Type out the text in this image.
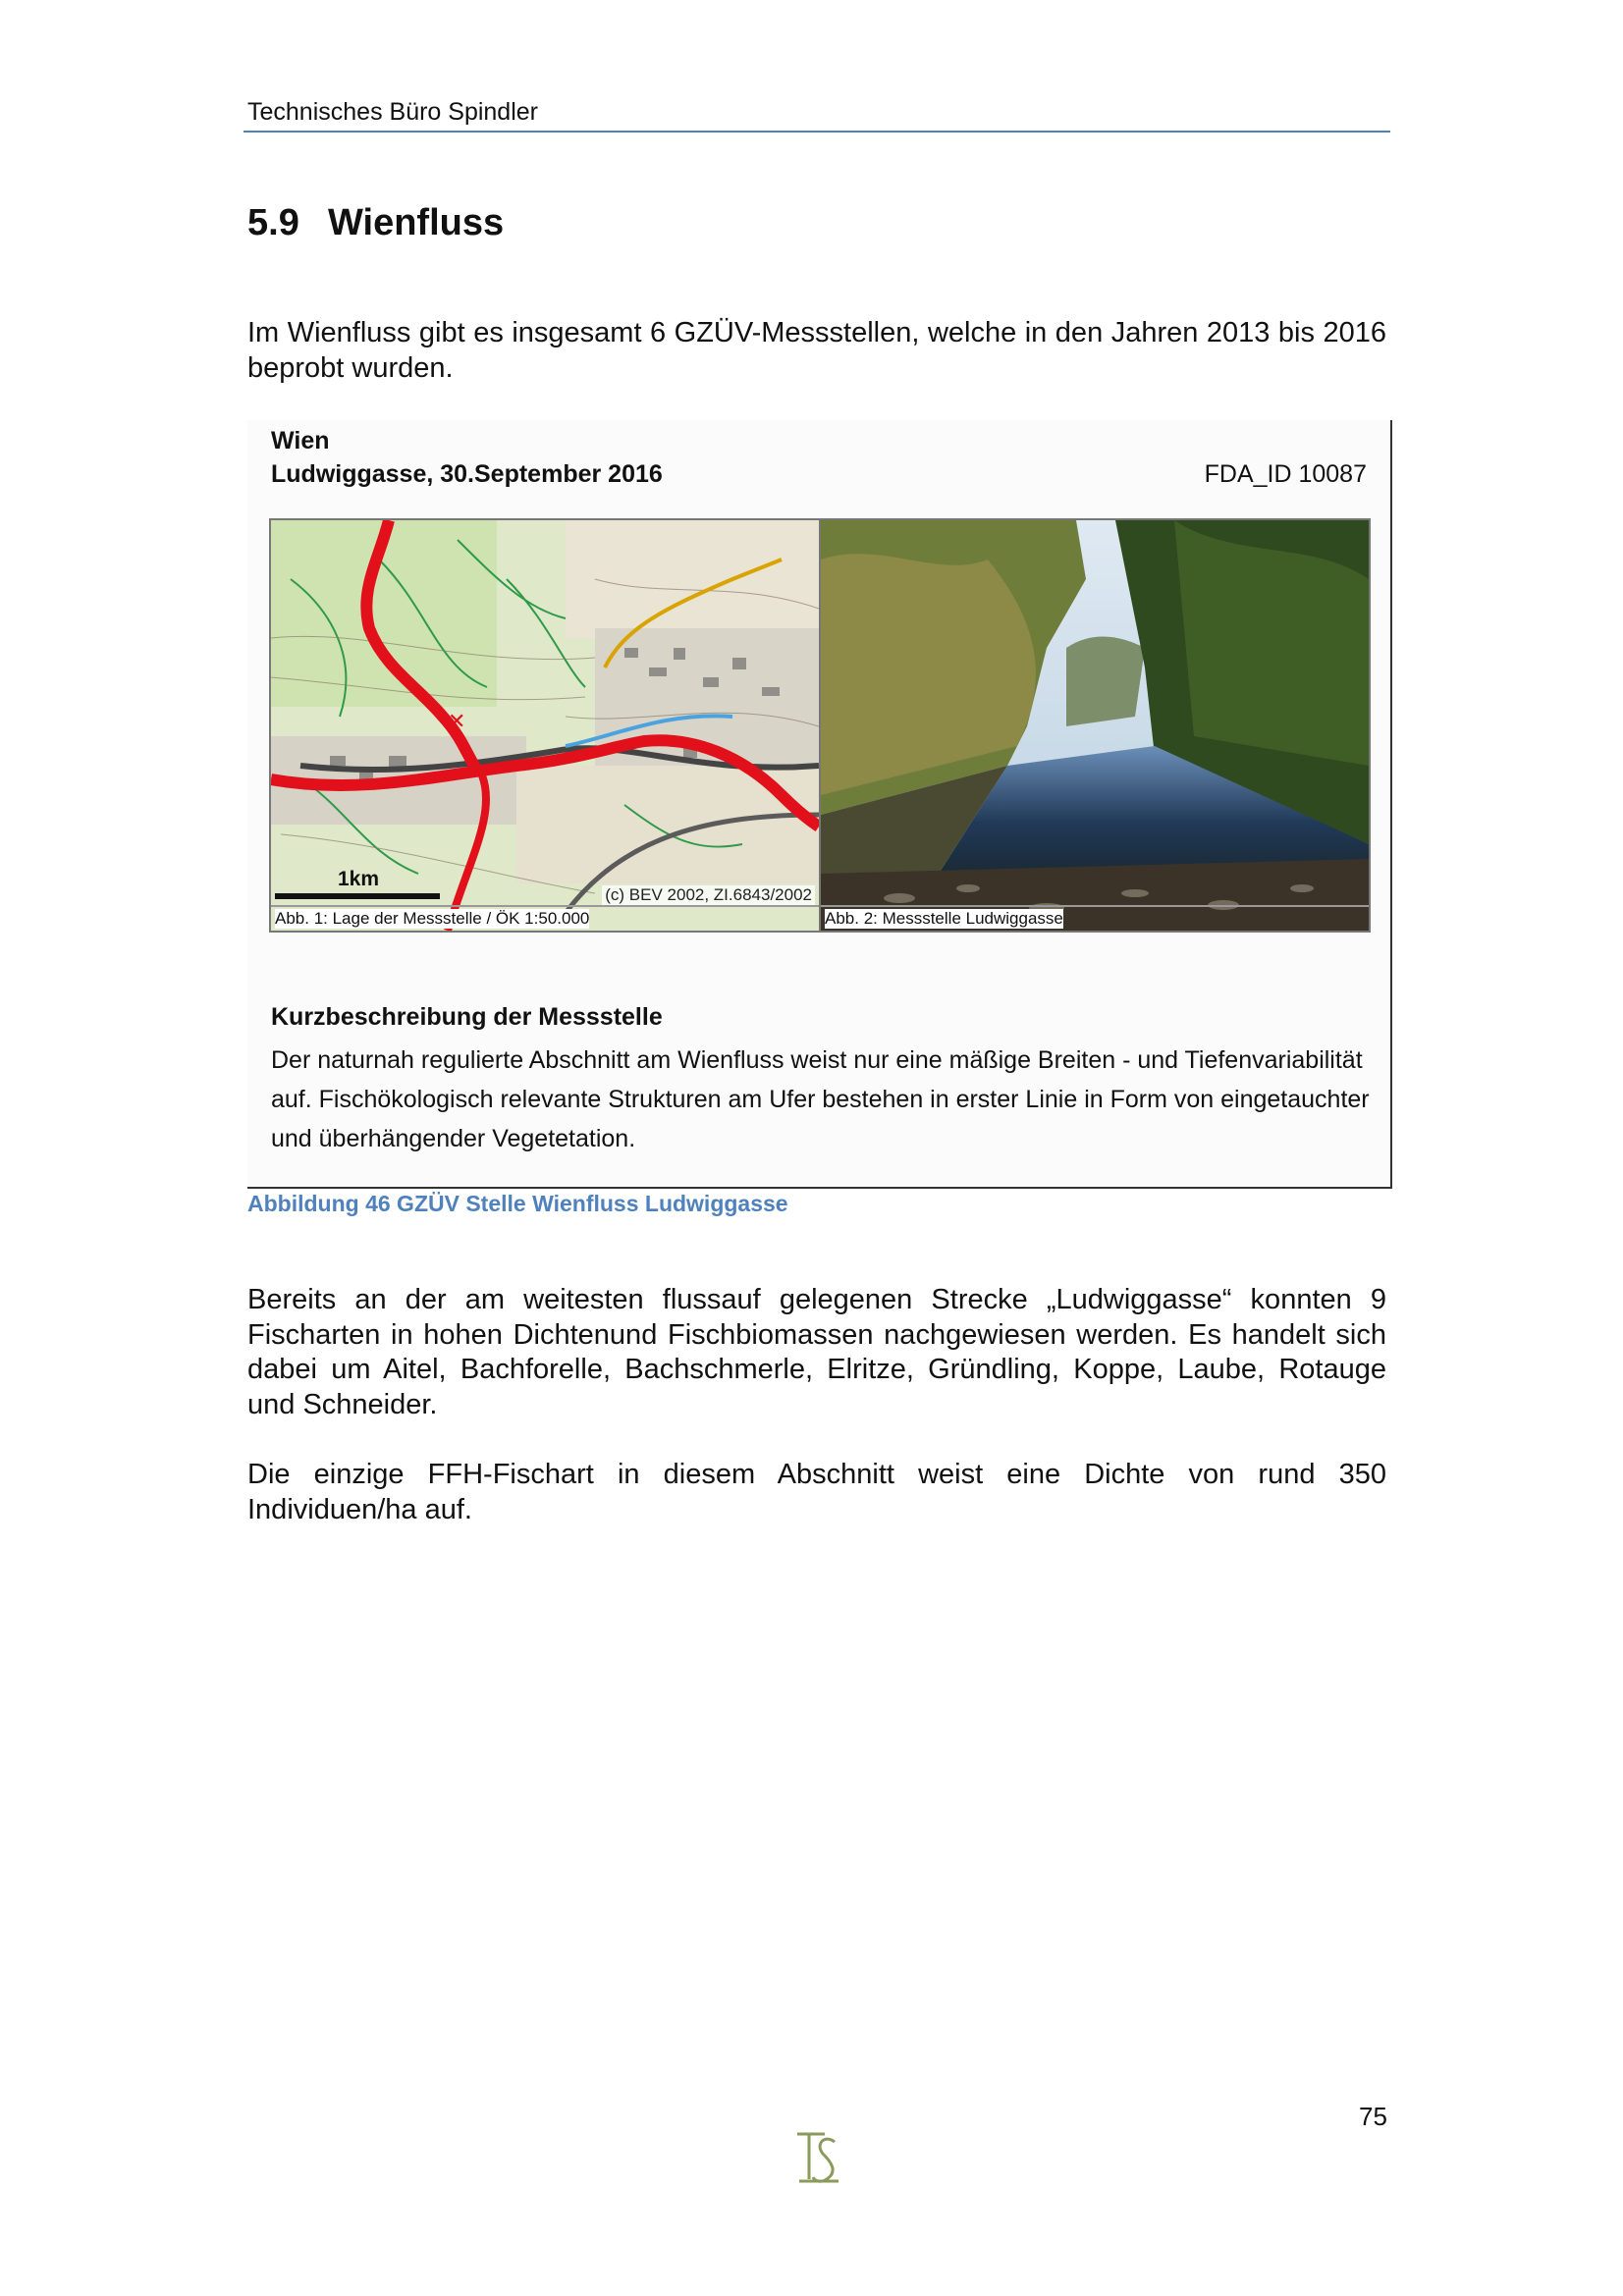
Technisches Büro Spindler
5.9 Wienfluss

Im Wienfluss gibt es insgesamt 6 GZÜV-Messstellen, welche in den Jahren 2013 bis 2016 beprobt wurden.

Wien
Ludwiggasse, 30.September 2016	FDA_ID 10087
✕
1km
(c) BEV 2002, ZI.6843/2002
Abb. 1: Lage der Messstelle / ÖK 1:50.000	Abb. 2: Messstelle Ludwiggasse
Kurzbeschreibung der Messstelle
Der naturnah regulierte Abschnitt am Wienfluss weist nur eine mäßige Breiten - und Tiefenvariabilität auf. Fischökologisch relevante Strukturen am Ufer bestehen in erster Linie in Form von eingetauchter und überhängender Vegetetation.
Abbildung 46 GZÜV Stelle Wienfluss Ludwiggasse

Bereits an der am weitesten flussauf gelegenen Strecke „Ludwiggasse“ konnten 9 Fischarten in hohen Dichtenund Fischbiomassen nachgewiesen werden. Es handelt sich dabei um Aitel, Bachforelle, Bachschmerle, Elritze, Gründling, Koppe, Laube, Rotauge und Schneider.

Die einzige FFH-Fischart in diesem Abschnitt weist eine Dichte von rund 350 Individuen/ha auf.

75
